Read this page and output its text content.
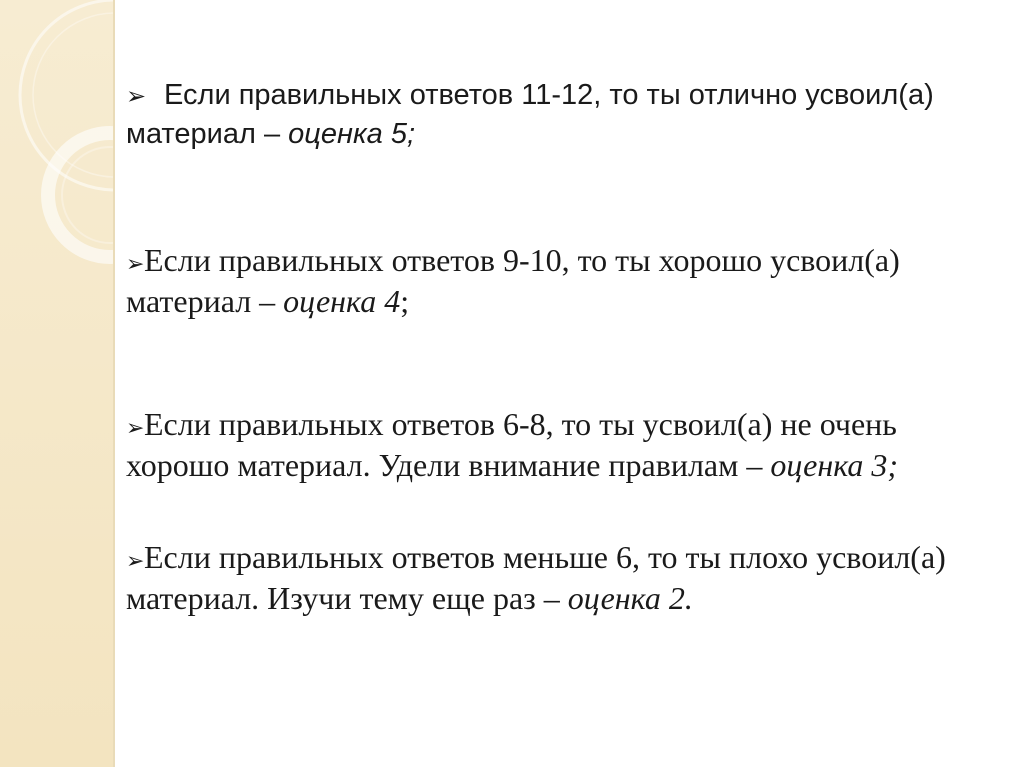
➢ Если правильных ответов 11-12, то ты отлично усвоил(а) материал – оценка 5;
➢Если правильных ответов 9-10, то ты хорошо усвоил(а) материал – оценка 4;
➢Если правильных ответов 6-8, то ты усвоил(а) не очень хорошо материал. Удели внимание правилам – оценка 3;
➢Если правильных ответов меньше 6, то ты плохо усвоил(а) материал. Изучи тему еще раз – оценка 2.
